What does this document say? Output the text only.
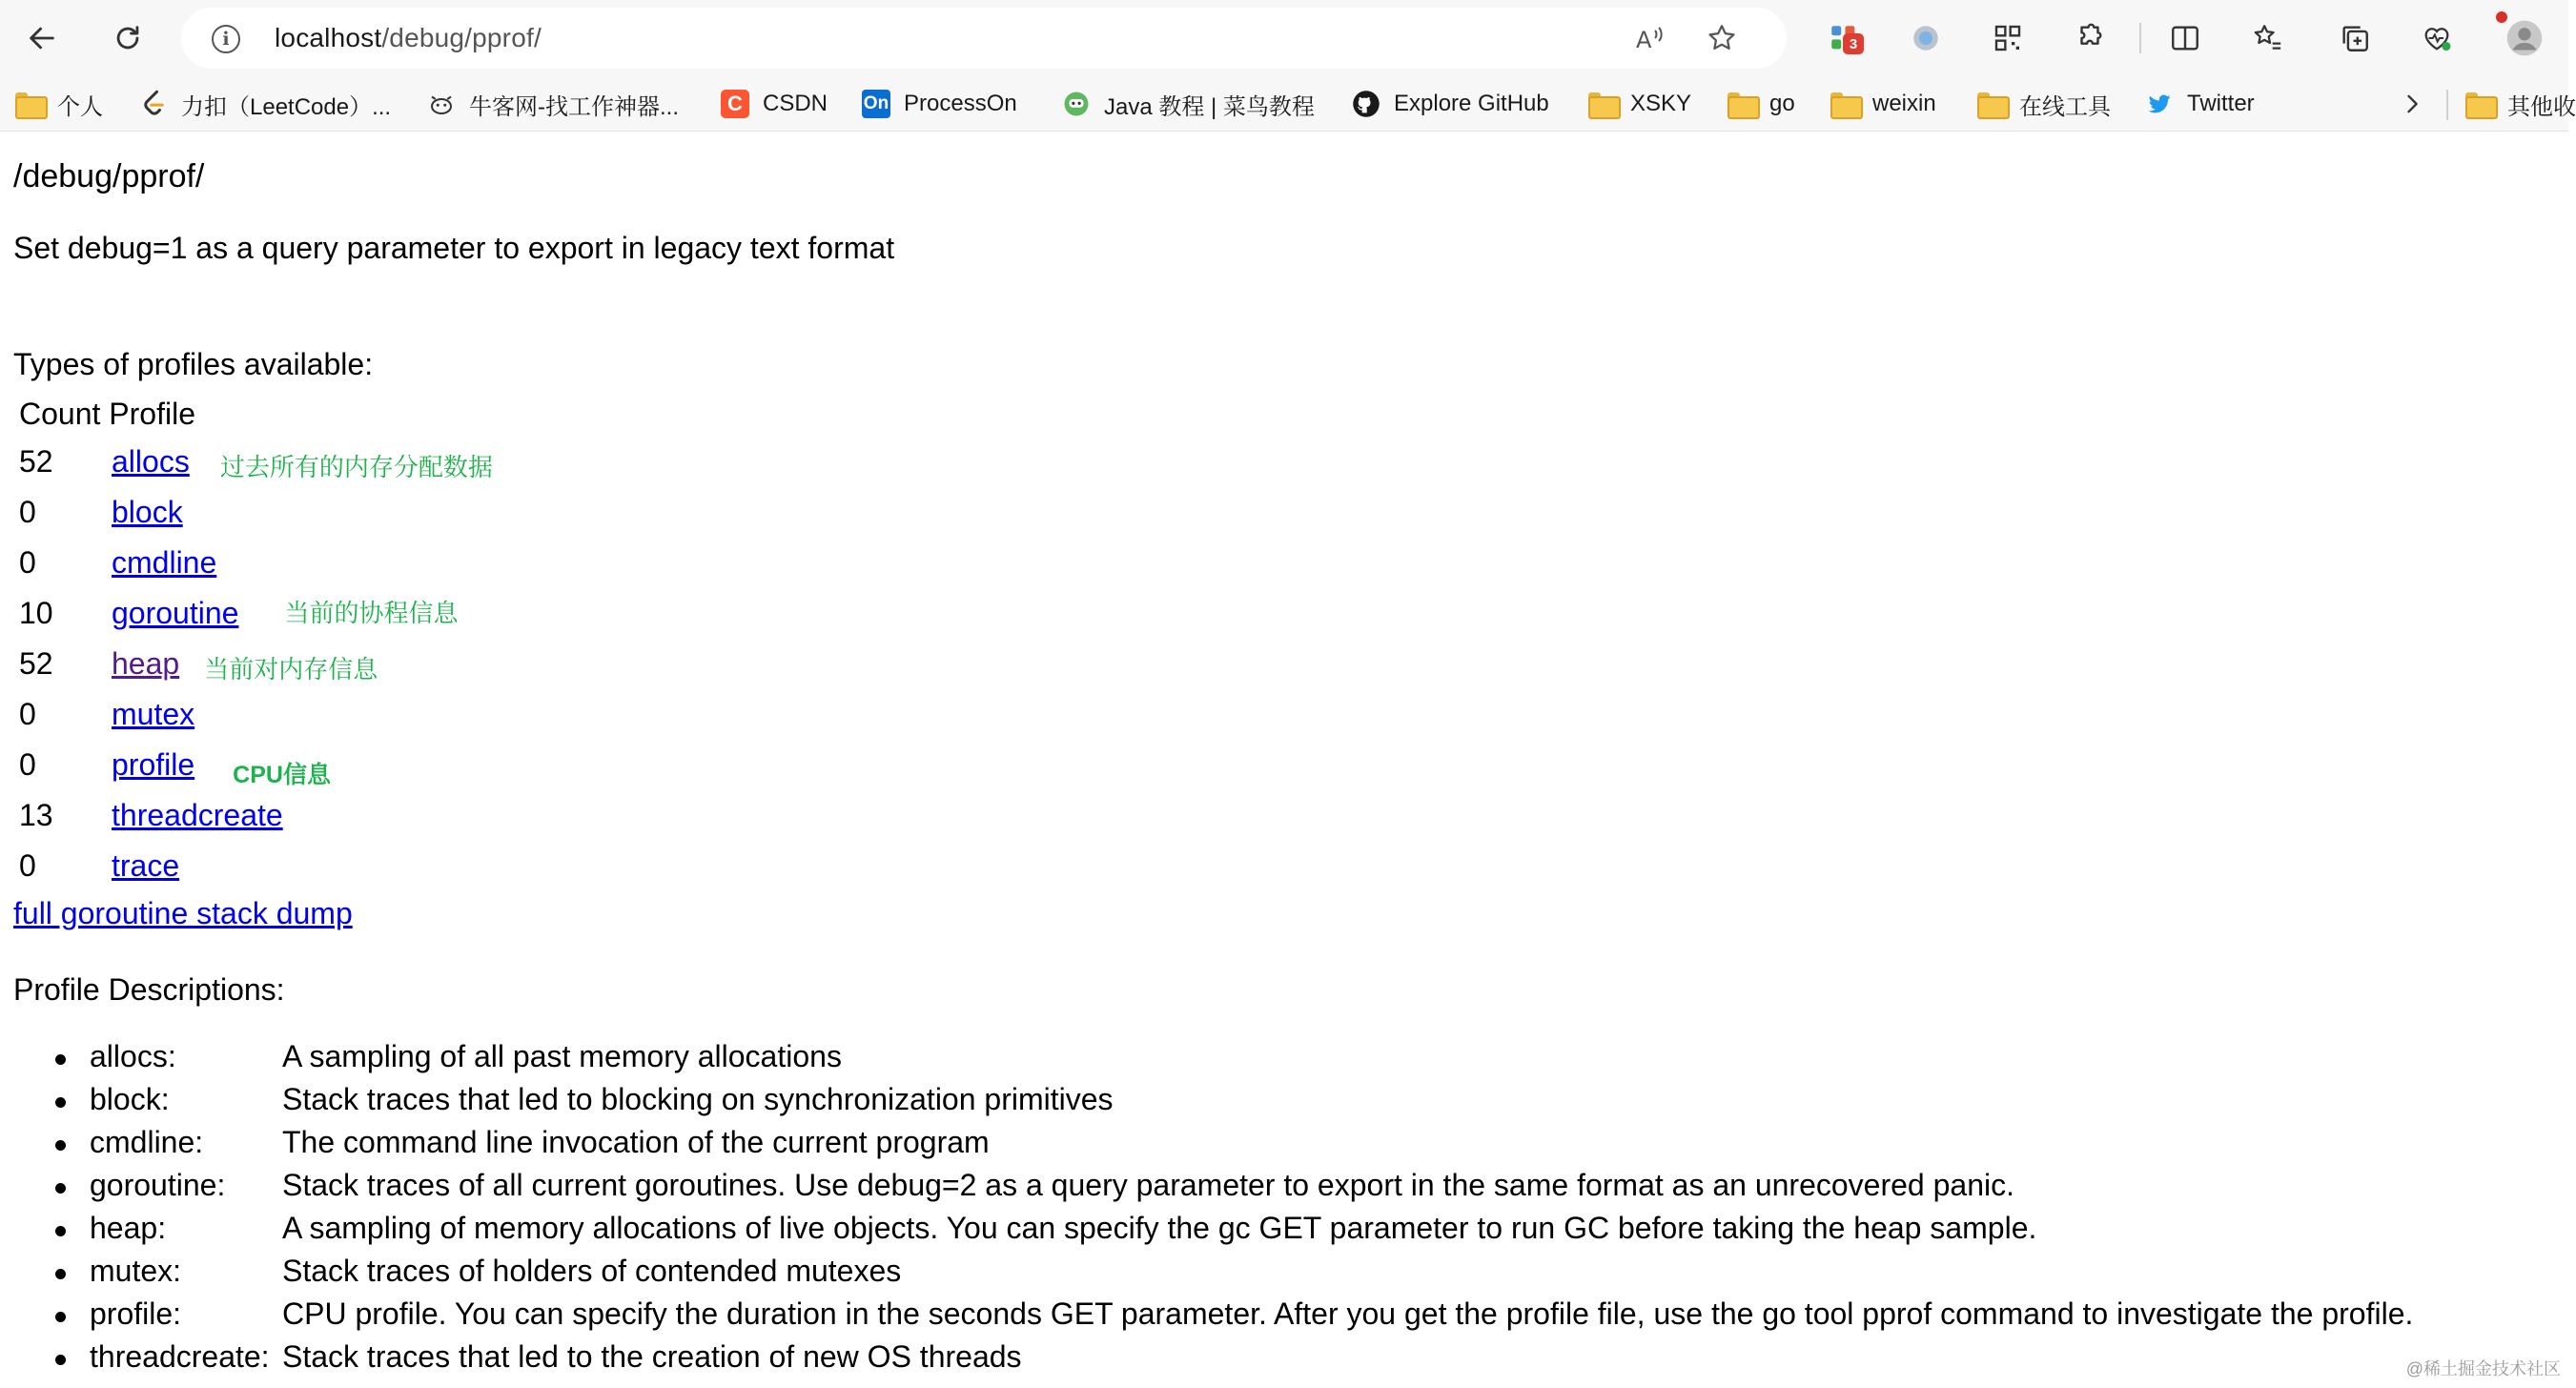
i	localhost/debug/pprof/	A	3
个人	力扣（LeetCode）...	牛客网-找工作神器...	C CSDN On ProcessOn	Java 教程 | 菜鸟教程	Explore GitHub	XSKY	go	weixin	在线工具	Twitter	其他收
/debug/pprof/
Set debug=1 as a query parameter to export in legacy text format
Types of profiles available:
Count Profile
52	allocs 过去所有的内存分配数据
0	block
0	cmdline
10	goroutine 当前的协程信息
52	heap 当前对内存信息
0	mutex
0	profile CPU信息
13	threadcreate
0	trace
full goroutine stack dump
Profile Descriptions:
allocs:	A sampling of all past memory allocations
block:	Stack traces that led to blocking on synchronization primitives
cmdline:	The command line invocation of the current program
goroutine: Stack traces of all current goroutines. Use debug=2 as a query parameter to export in the same format as an unrecovered panic.
heap:	A sampling of memory allocations of live objects. You can specify the gc GET parameter to run GC before taking the heap sample.
mutex:	Stack traces of holders of contended mutexes
profile:	CPU profile. You can specify the duration in the seconds GET parameter. After you get the profile file, use the go tool pprof command to investigate the profile.
threadcreate: Stack traces that led to the creation of new OS threads	@稀土掘金技术社区
